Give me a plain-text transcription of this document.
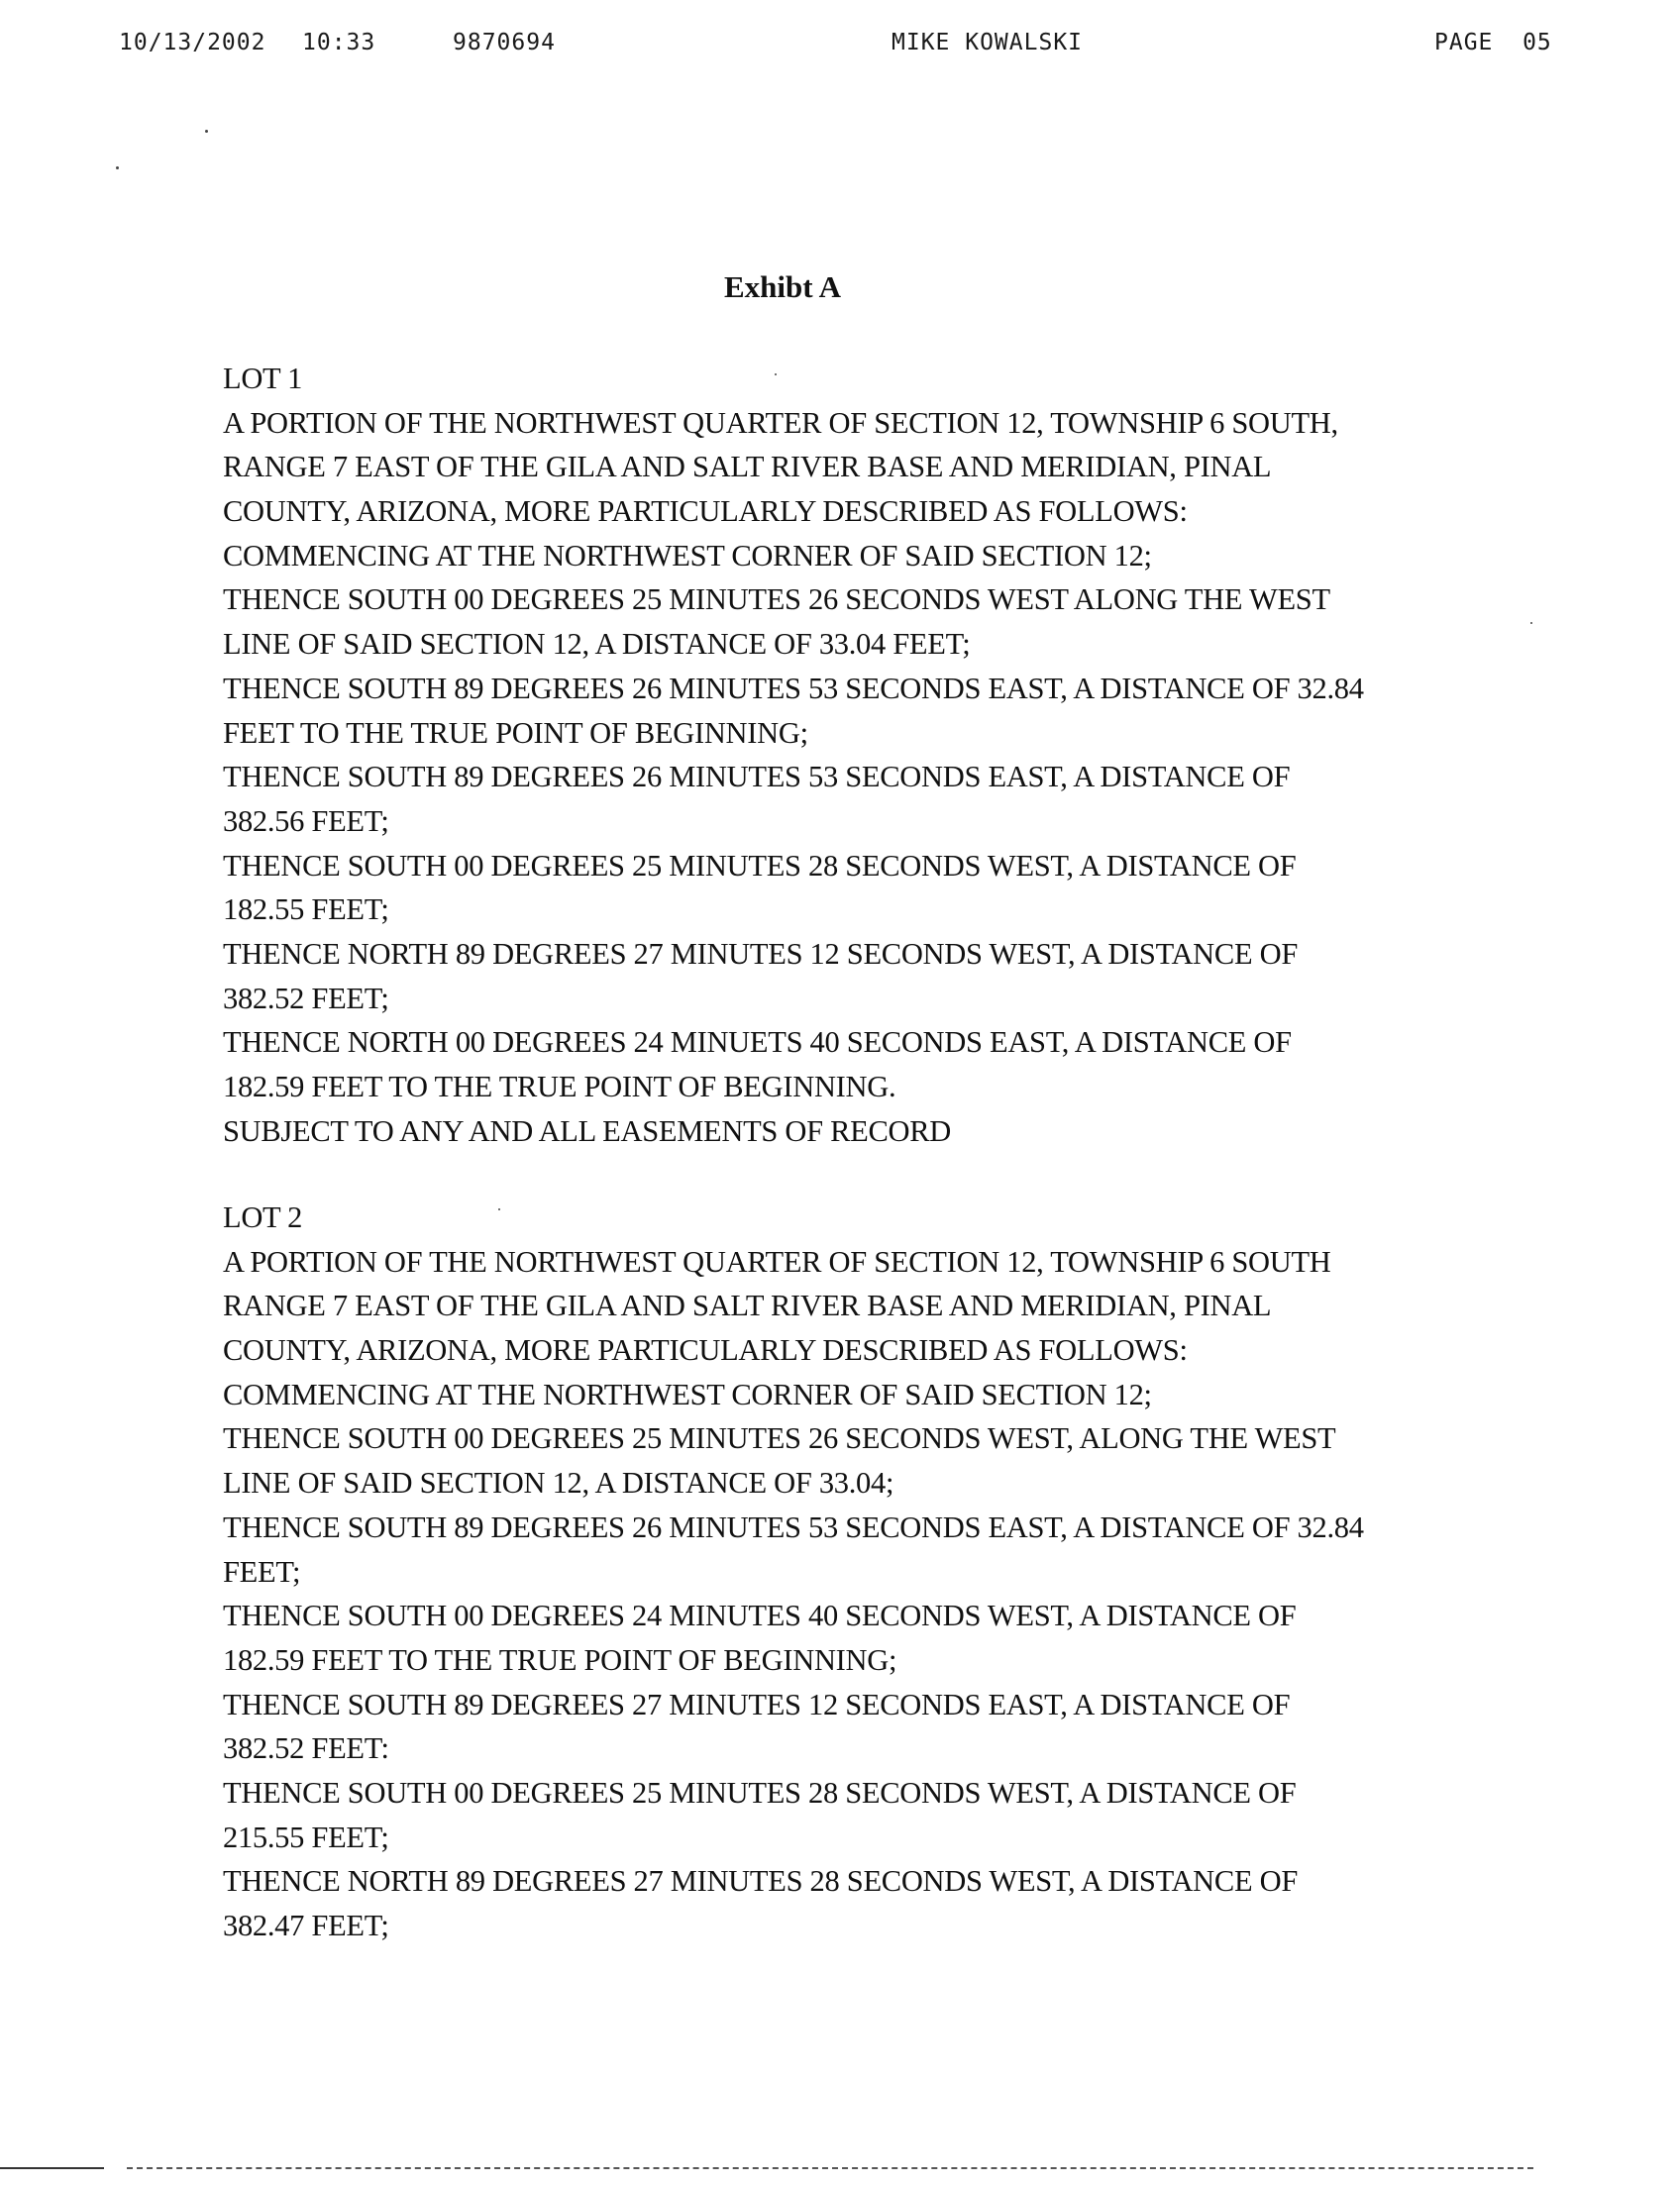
10/13/2002 10:33	9870694	MIKE KOWALSKI	PAGE  05
Exhibt A
LOT 1
A PORTION OF THE NORTHWEST QUARTER OF SECTION 12, TOWNSHIP 6 SOUTH,
RANGE 7 EAST OF THE GILA AND SALT RIVER BASE AND MERIDIAN, PINAL
COUNTY, ARIZONA, MORE PARTICULARLY DESCRIBED AS FOLLOWS:
COMMENCING AT THE NORTHWEST CORNER OF SAID SECTION 12;
THENCE SOUTH 00 DEGREES 25 MINUTES 26 SECONDS WEST ALONG THE WEST
LINE OF SAID SECTION 12, A DISTANCE OF 33.04 FEET;
THENCE SOUTH 89 DEGREES 26 MINUTES 53 SECONDS EAST, A DISTANCE OF 32.84
FEET TO THE TRUE POINT OF BEGINNING;
THENCE SOUTH 89 DEGREES 26 MINUTES 53 SECONDS EAST, A DISTANCE OF
382.56 FEET;
THENCE SOUTH 00 DEGREES 25 MINUTES 28 SECONDS WEST, A DISTANCE OF
182.55 FEET;
THENCE NORTH 89 DEGREES 27 MINUTES 12 SECONDS WEST, A DISTANCE OF
382.52 FEET;
THENCE NORTH 00 DEGREES 24 MINUETS 40 SECONDS EAST, A DISTANCE OF
182.59 FEET TO THE TRUE POINT OF BEGINNING.
SUBJECT TO ANY AND ALL EASEMENTS OF RECORD
LOT 2
A PORTION OF THE NORTHWEST QUARTER OF SECTION 12, TOWNSHIP 6 SOUTH
RANGE 7 EAST OF THE GILA AND SALT RIVER BASE AND MERIDIAN, PINAL
COUNTY, ARIZONA, MORE PARTICULARLY DESCRIBED AS FOLLOWS:
COMMENCING AT THE NORTHWEST CORNER OF SAID SECTION 12;
THENCE SOUTH 00 DEGREES 25 MINUTES 26 SECONDS WEST, ALONG THE WEST
LINE OF SAID SECTION 12, A DISTANCE OF 33.04;
THENCE SOUTH 89 DEGREES 26 MINUTES 53 SECONDS EAST, A DISTANCE OF 32.84
FEET;
THENCE SOUTH 00 DEGREES 24 MINUTES 40 SECONDS WEST, A DISTANCE OF
182.59 FEET TO THE TRUE POINT OF BEGINNING;
THENCE SOUTH 89 DEGREES 27 MINUTES 12 SECONDS EAST, A DISTANCE OF
382.52 FEET:
THENCE SOUTH 00 DEGREES 25 MINUTES 28 SECONDS WEST, A DISTANCE OF
215.55 FEET;
THENCE NORTH 89 DEGREES 27 MINUTES 28 SECONDS WEST, A DISTANCE OF
382.47 FEET;
